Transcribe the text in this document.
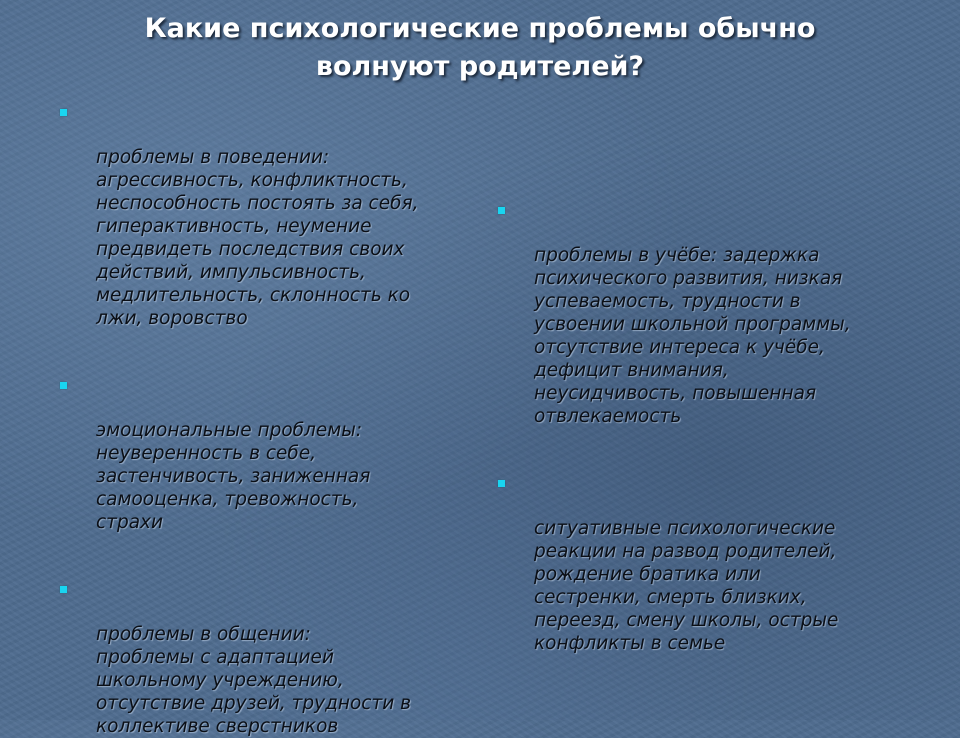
Какие психологические проблемы обычно
волнуют родителей?

проблемы в поведении:
агрессивность, конфликтность,
неспособность постоять за себя,
гиперактивность, неумение
предвидеть последствия своих
действий, импульсивность,
медлительность, склонность ко
лжи, воровство

эмоциональные проблемы:
неуверенность в себе,
застенчивость, заниженная
самооценка, тревожность,
страхи

проблемы в общении:
проблемы с адаптацией
школьному учреждению,
отсутствие друзей, трудности в
коллективе сверстников

проблемы в учёбе: задержка
психического развития, низкая
успеваемость, трудности в
усвоении школьной программы,
отсутствие интереса к учёбе,
дефицит внимания,
неусидчивость, повышенная
отвлекаемость

ситуативные психологические
реакции на развод родителей,
рождение братика или
сестренки, смерть близких,
переезд, смену школы, острые
конфликты в семье
